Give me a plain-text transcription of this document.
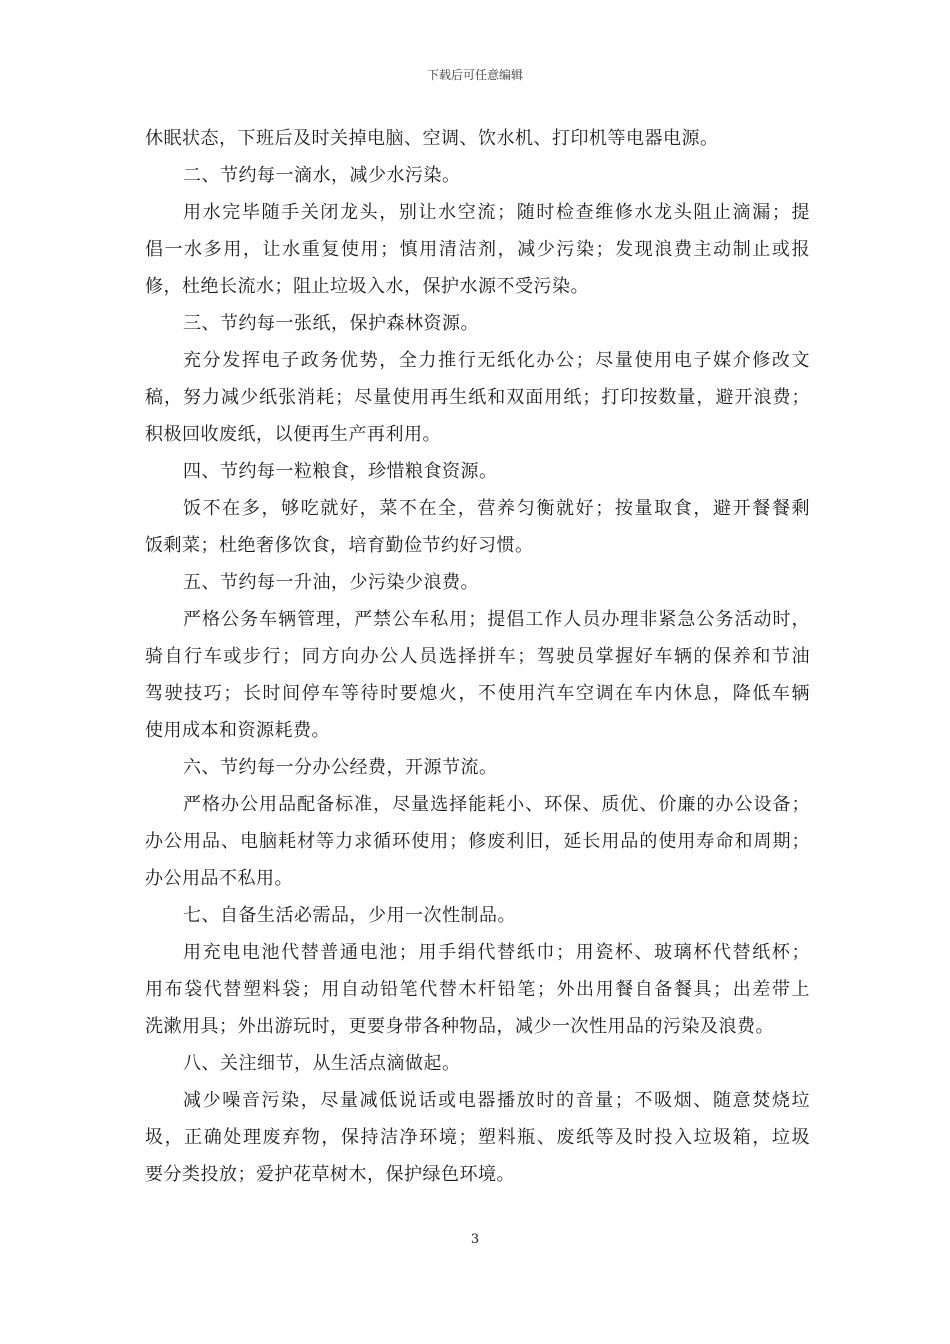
下载后可任意编辑
休眠状态，下班后及时关掉电脑、空调、饮水机、打印机等电器电源。
二、节约每一滴水，减少水污染。
用水完毕随手关闭龙头，别让水空流；随时检查维修水龙头阻止滴漏；提
倡一水多用，让水重复使用；慎用清洁剂，减少污染；发现浪费主动制止或报
修，杜绝长流水；阻止垃圾入水，保护水源不受污染。
三、节约每一张纸，保护森林资源。
充分发挥电子政务优势，全力推行无纸化办公；尽量使用电子媒介修改文
稿，努力减少纸张消耗；尽量使用再生纸和双面用纸；打印按数量，避开浪费；
积极回收废纸，以便再生产再利用。
四、节约每一粒粮食，珍惜粮食资源。
饭不在多，够吃就好，菜不在全，营养匀衡就好；按量取食，避开餐餐剩
饭剩菜；杜绝奢侈饮食，培育勤俭节约好习惯。
五、节约每一升油，少污染少浪费。
严格公务车辆管理，严禁公车私用；提倡工作人员办理非紧急公务活动时，
骑自行车或步行；同方向办公人员选择拼车；驾驶员掌握好车辆的保养和节油
驾驶技巧；长时间停车等待时要熄火，不使用汽车空调在车内休息，降低车辆
使用成本和资源耗费。
六、节约每一分办公经费，开源节流。
严格办公用品配备标准，尽量选择能耗小、环保、质优、价廉的办公设备；
办公用品、电脑耗材等力求循环使用；修废利旧，延长用品的使用寿命和周期；
办公用品不私用。
七、自备生活必需品，少用一次性制品。
用充电电池代替普通电池；用手绢代替纸巾；用瓷杯、玻璃杯代替纸杯；
用布袋代替塑料袋；用自动铅笔代替木杆铅笔；外出用餐自备餐具；出差带上
洗漱用具；外出游玩时，更要身带各种物品，减少一次性用品的污染及浪费。
八、关注细节，从生活点滴做起。
减少噪音污染，尽量减低说话或电器播放时的音量；不吸烟、随意焚烧垃
圾，正确处理废弃物，保持洁净环境；塑料瓶、废纸等及时投入垃圾箱，垃圾
要分类投放；爱护花草树木，保护绿色环境。
3
